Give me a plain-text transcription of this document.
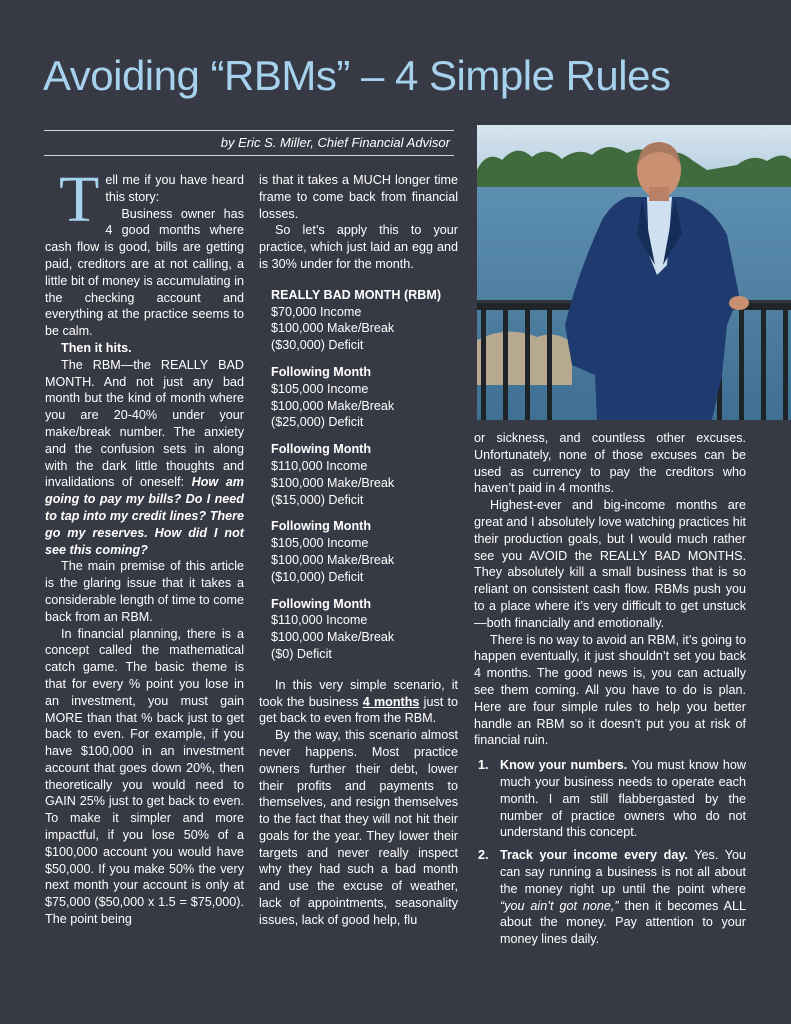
Avoiding “RBMs” – 4 Simple Rules
by Eric S. Miller, Chief Financial Advisor

Tell me if you have heard this story:

Business owner has 4 good months where cash flow is good, bills are getting paid, creditors are at not calling, a little bit of money is accumulating in the checking account and everything at the practice seems to be calm.

Then it hits.

The RBM—the REALLY BAD MONTH. And not just any bad month but the kind of month where you are 20-40% under your make/break number. The anxiety and the confusion sets in along with the dark little thoughts and invalidations of oneself: How am going to pay my bills? Do I need to tap into my credit lines? There go my reserves. How did I not see this coming?

The main premise of this article is the glaring issue that it takes a considerable length of time to come back from an RBM.

In financial planning, there is a concept called the mathematical catch game. The basic theme is that for every % point you lose in an investment, you must gain MORE than that % back just to get back to even. For example, if you have $100,000 in an investment account that goes down 20%, then theoretically you would need to GAIN 25% just to get back to even. To make it simpler and more impactful, if you lose 50% of a $100,000 account you would have $50,000. If you make 50% the very next month your account is only at $75,000 ($50,000 x 1.5 = $75,000). The point being

is that it takes a MUCH longer time frame to come back from financial losses.

So let’s apply this to your practice, which just laid an egg and is 30% under for the month.

REALLY BAD MONTH (RBM)
$70,000 Income
$100,000 Make/Break
($30,000) Deficit
Following Month
$105,000 Income
$100,000 Make/Break
($25,000) Deficit
Following Month
$110,000 Income
$100,000 Make/Break
($15,000) Deficit
Following Month
$105,000 Income
$100,000 Make/Break
($10,000) Deficit
Following Month
$110,000 Income
$100,000 Make/Break
($0) Deficit

In this very simple scenario, it took the business 4 months just to get back to even from the RBM.

By the way, this scenario almost never happens. Most practice owners further their debt, lower their profits and payments to themselves, and resign themselves to the fact that they will not hit their goals for the year. They lower their targets and never really inspect why they had such a bad month and use the excuse of weather, lack of appointments, seasonality issues, lack of good help, flu

or sickness, and countless other excuses. Unfortunately, none of those excuses can be used as currency to pay the creditors who haven’t paid in 4 months.

Highest-ever and big-income months are great and I absolutely love watching practices hit their production goals, but I would much rather see you AVOID the REALLY BAD MONTHS. They absolutely kill a small business that is so reliant on consistent cash flow. RBMs push you to a place where it’s very difficult to get unstuck—both financially and emotionally.

There is no way to avoid an RBM, it’s going to happen eventually, it just shouldn’t set you back 4 months. The good news is, you can actually see them coming. All you have to do is plan. Here are four simple rules to help you better handle an RBM so it doesn’t put you at risk of financial ruin.

1. Know your numbers. You must know how much your business needs to operate each month. I am still flabbergasted by the number of practice owners who do not understand this concept.
2. Track your income every day. Yes. You can say running a business is not all about the money right up until the point where “you ain’t got none,” then it becomes ALL about the money. Pay attention to your money lines daily.
